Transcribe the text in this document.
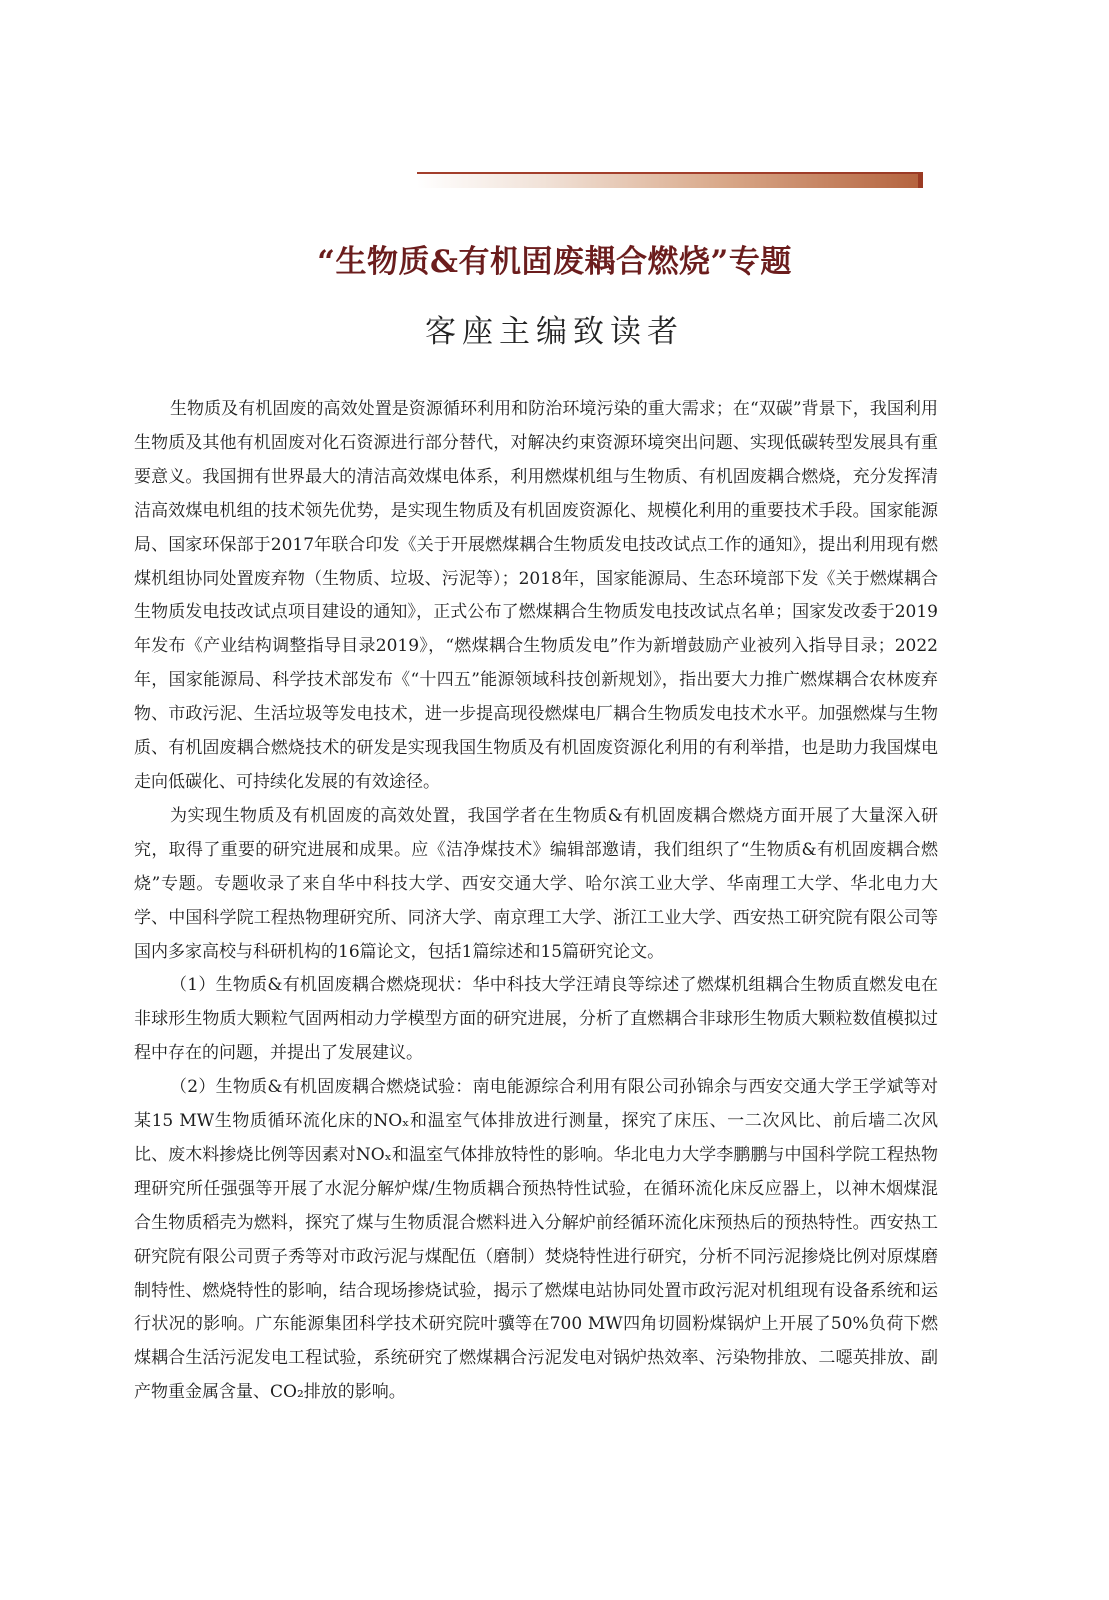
“生物质&有机固废耦合燃烧”专题
客座主编致读者

生物质及有机固废的高效处置是资源循环利用和防治环境污染的重大需求；在“双碳”背景下，我国利用生物质及其他有机固废对化石资源进行部分替代，对解决约束资源环境突出问题、实现低碳转型发展具有重要意义。我国拥有世界最大的清洁高效煤电体系，利用燃煤机组与生物质、有机固废耦合燃烧，充分发挥清洁高效煤电机组的技术领先优势，是实现生物质及有机固废资源化、规模化利用的重要技术手段。国家能源局、国家环保部于2017年联合印发《关于开展燃煤耦合生物质发电技改试点工作的通知》，提出利用现有燃煤机组协同处置废弃物（生物质、垃圾、污泥等）；2018年，国家能源局、生态环境部下发《关于燃煤耦合生物质发电技改试点项目建设的通知》，正式公布了燃煤耦合生物质发电技改试点名单；国家发改委于2019年发布《产业结构调整指导目录2019》，“燃煤耦合生物质发电”作为新增鼓励产业被列入指导目录；2022年，国家能源局、科学技术部发布《“十四五”能源领域科技创新规划》，指出要大力推广燃煤耦合农林废弃物、市政污泥、生活垃圾等发电技术，进一步提高现役燃煤电厂耦合生物质发电技术水平。加强燃煤与生物质、有机固废耦合燃烧技术的研发是实现我国生物质及有机固废资源化利用的有利举措，也是助力我国煤电走向低碳化、可持续化发展的有效途径。

为实现生物质及有机固废的高效处置，我国学者在生物质&有机固废耦合燃烧方面开展了大量深入研究，取得了重要的研究进展和成果。应《洁净煤技术》编辑部邀请，我们组织了“生物质&有机固废耦合燃烧”专题。专题收录了来自华中科技大学、西安交通大学、哈尔滨工业大学、华南理工大学、华北电力大学、中国科学院工程热物理研究所、同济大学、南京理工大学、浙江工业大学、西安热工研究院有限公司等国内多家高校与科研机构的16篇论文，包括1篇综述和15篇研究论文。

（1）生物质&有机固废耦合燃烧现状：华中科技大学汪靖良等综述了燃煤机组耦合生物质直燃发电在非球形生物质大颗粒气固两相动力学模型方面的研究进展，分析了直燃耦合非球形生物质大颗粒数值模拟过程中存在的问题，并提出了发展建议。

（2）生物质&有机固废耦合燃烧试验：南电能源综合利用有限公司孙锦余与西安交通大学王学斌等对某15 MW生物质循环流化床的NOₓ和温室气体排放进行测量，探究了床压、一二次风比、前后墙二次风比、废木料掺烧比例等因素对NOₓ和温室气体排放特性的影响。华北电力大学李鹏鹏与中国科学院工程热物理研究所任强强等开展了水泥分解炉煤/生物质耦合预热特性试验，在循环流化床反应器上，以神木烟煤混合生物质稻壳为燃料，探究了煤与生物质混合燃料进入分解炉前经循环流化床预热后的预热特性。西安热工研究院有限公司贾子秀等对市政污泥与煤配伍（磨制）焚烧特性进行研究，分析不同污泥掺烧比例对原煤磨制特性、燃烧特性的影响，结合现场掺烧试验，揭示了燃煤电站协同处置市政污泥对机组现有设备系统和运行状况的影响。广东能源集团科学技术研究院叶骥等在700 MW四角切圆粉煤锅炉上开展了50%负荷下燃煤耦合生活污泥发电工程试验，系统研究了燃煤耦合污泥发电对锅炉热效率、污染物排放、二噁英排放、副产物重金属含量、CO₂排放的影响。
